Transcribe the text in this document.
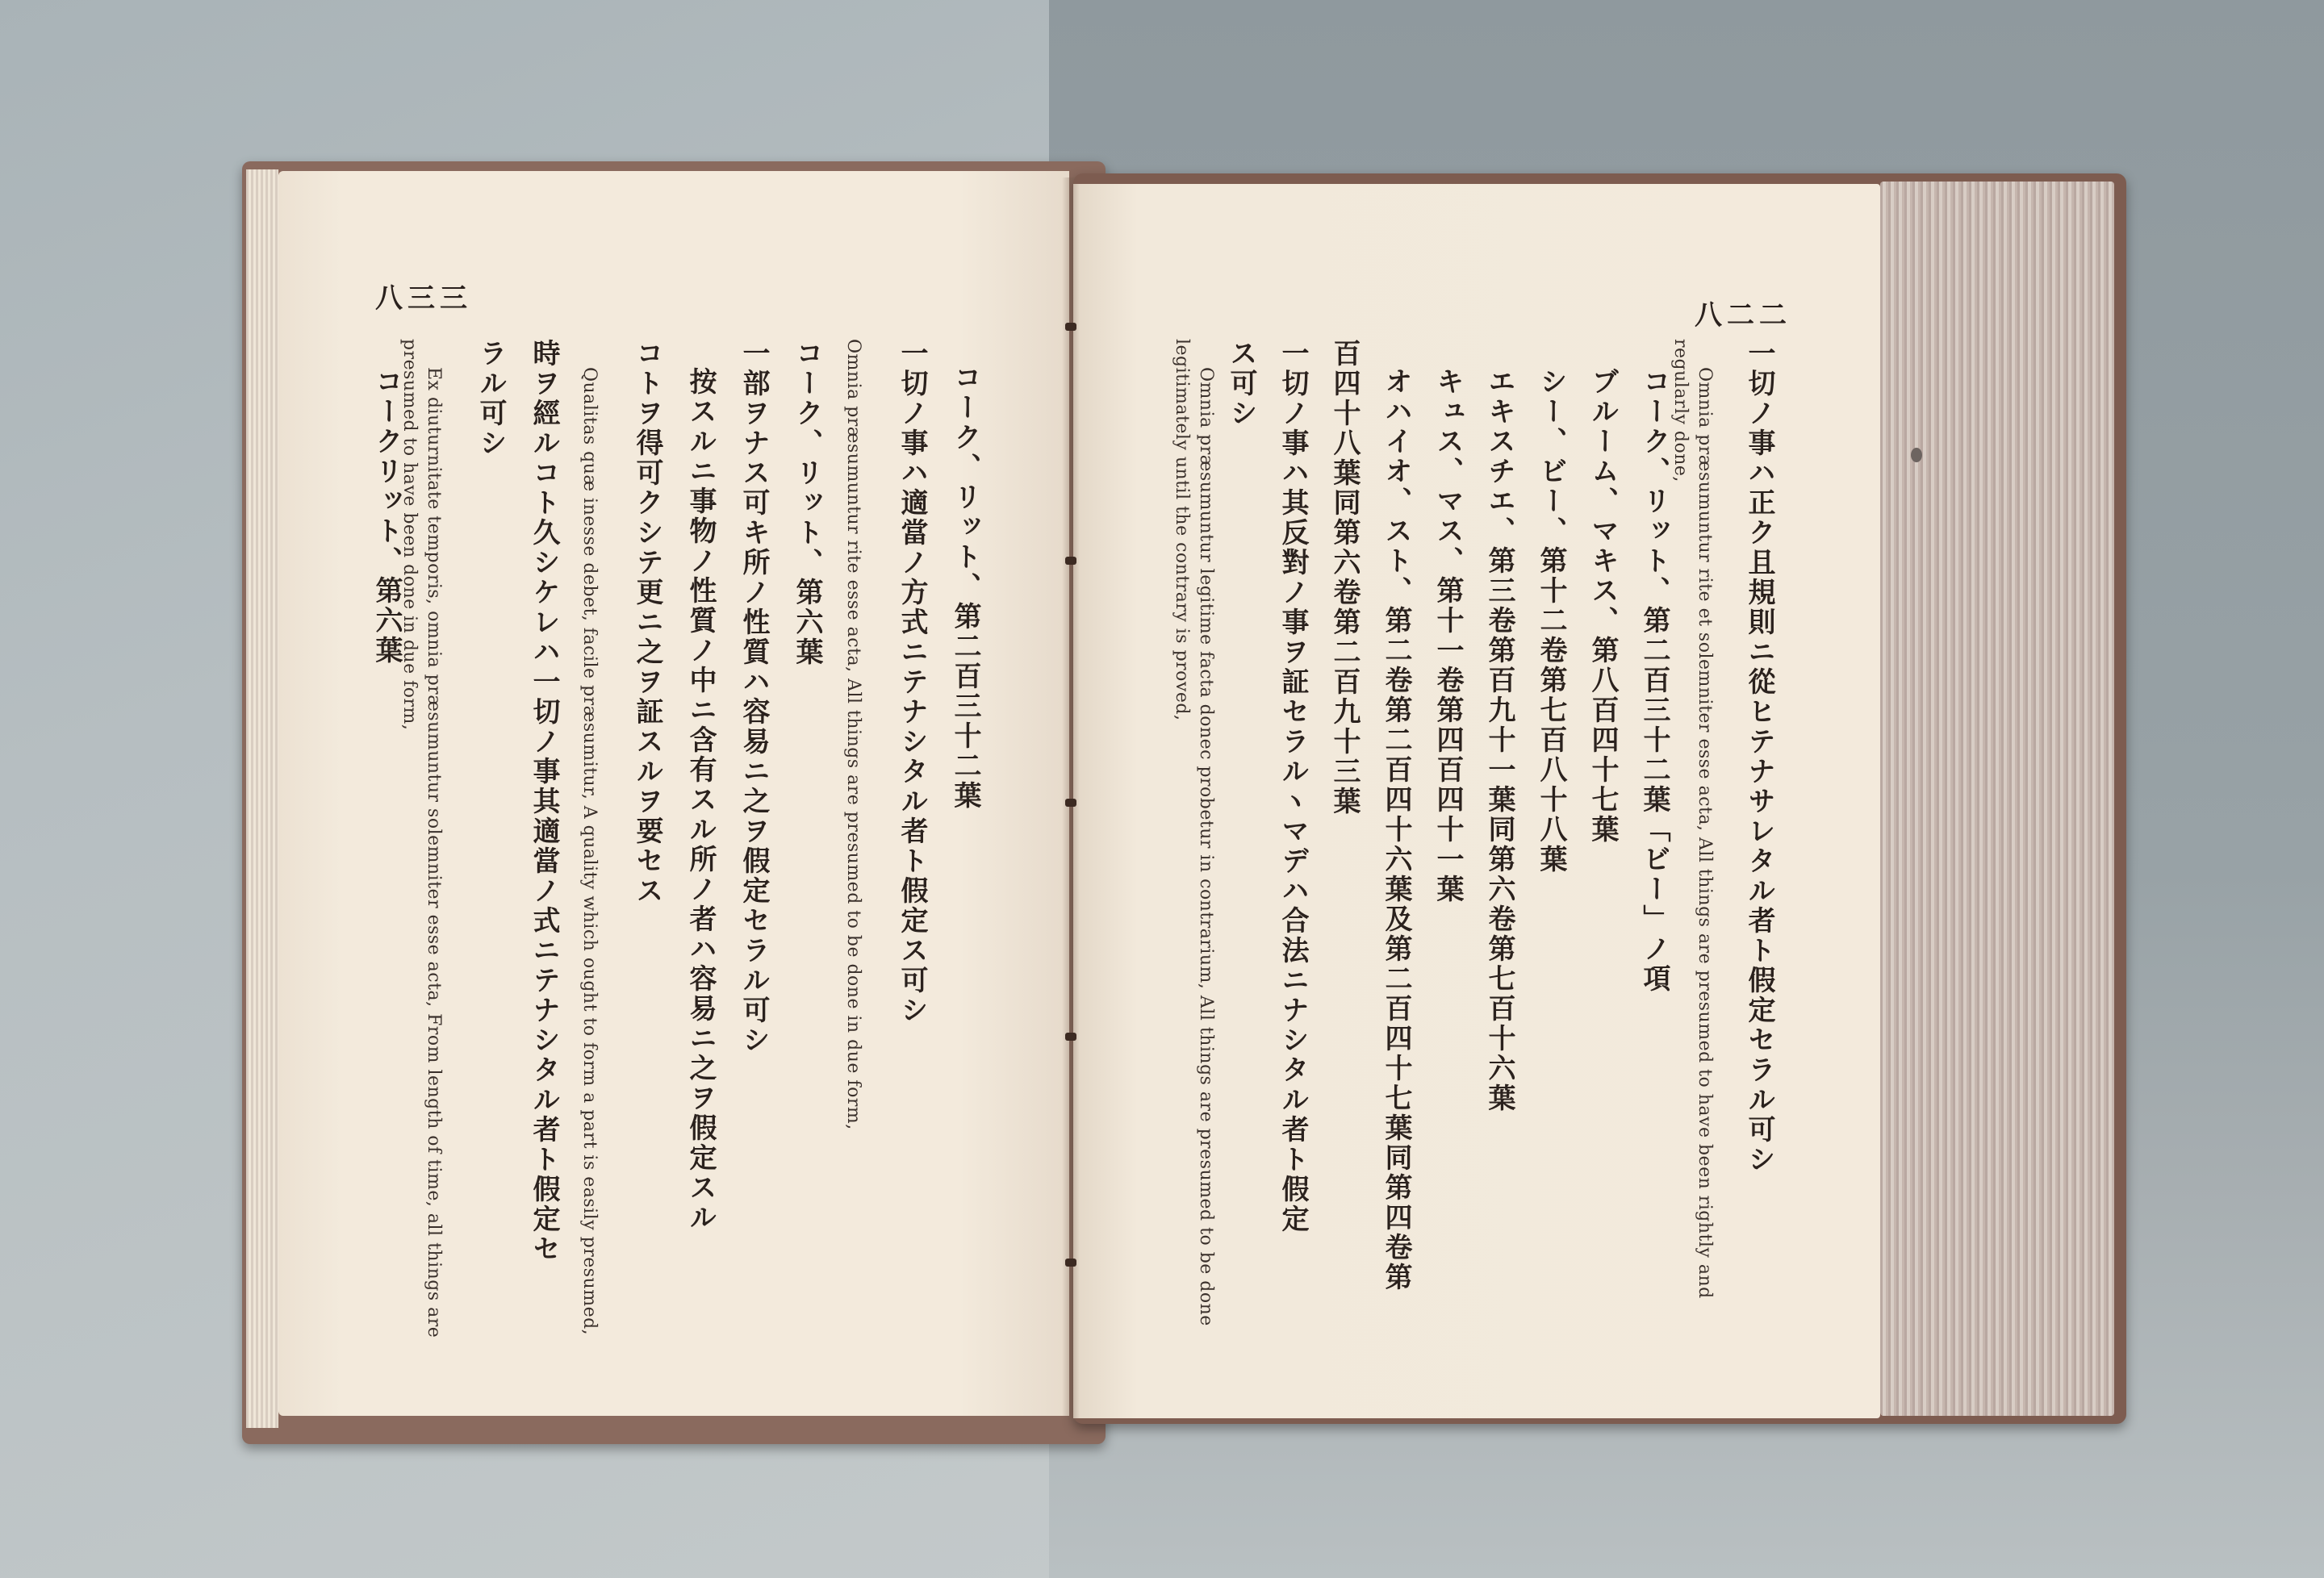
八三三
八二二
コーク、リット、第二百三十二葉
一切ノ事ハ適當ノ方式ニテナシタル者ト假定ス可シ
Omnia præsumuntur rite esse acta, All things are presumed to be done in due form,
コーク、リット、第六葉
一部ヲナス可キ所ノ性質ハ容易ニ之ヲ假定セラル可シ
按スルニ事物ノ性質ノ中ニ含有スル所ノ者ハ容易ニ之ヲ假定スル
コトヲ得可クシテ更ニ之ヲ証スルヲ要セス
Qualitas quæ inesse debet, facile præsumitur, A quality which ought to form a part is easily presumed,
時ヲ經ルコト久シケレハ一切ノ事其適當ノ式ニテナシタル者ト假定セ
ラル可シ
Ex diuturnitate temporis, omnia præsumuntur solemniter esse acta, From length of time, all things are
presumed to have been done in due form,
コークリット、第六葉	一切ノ事ハ正ク且規則ニ從ヒテナサレタル者ト假定セラル可シ
Omnia præsumuntur rite et solemniter esse acta, All things are presumed to have been rightly and
regularly done,
コーク、リット、第二百三十二葉「ビー」ノ項
ブルーム、マキス、第八百四十七葉
シー、ビー、第十二卷第七百八十八葉
エキスチエ、第三卷第百九十一葉同第六卷第七百十六葉
キュス、マス、第十一卷第四百四十一葉
オハイオ、スト、第二卷第二百四十六葉及第二百四十七葉同第四卷第
百四十八葉同第六卷第二百九十三葉
一切ノ事ハ其反對ノ事ヲ証セラルヽマデハ合法ニナシタル者ト假定
ス可シ
Omnia præsumuntur legitime facta donec probetur in contrarium, All things are presumed to be done
legitimately until the contrary is proved,
